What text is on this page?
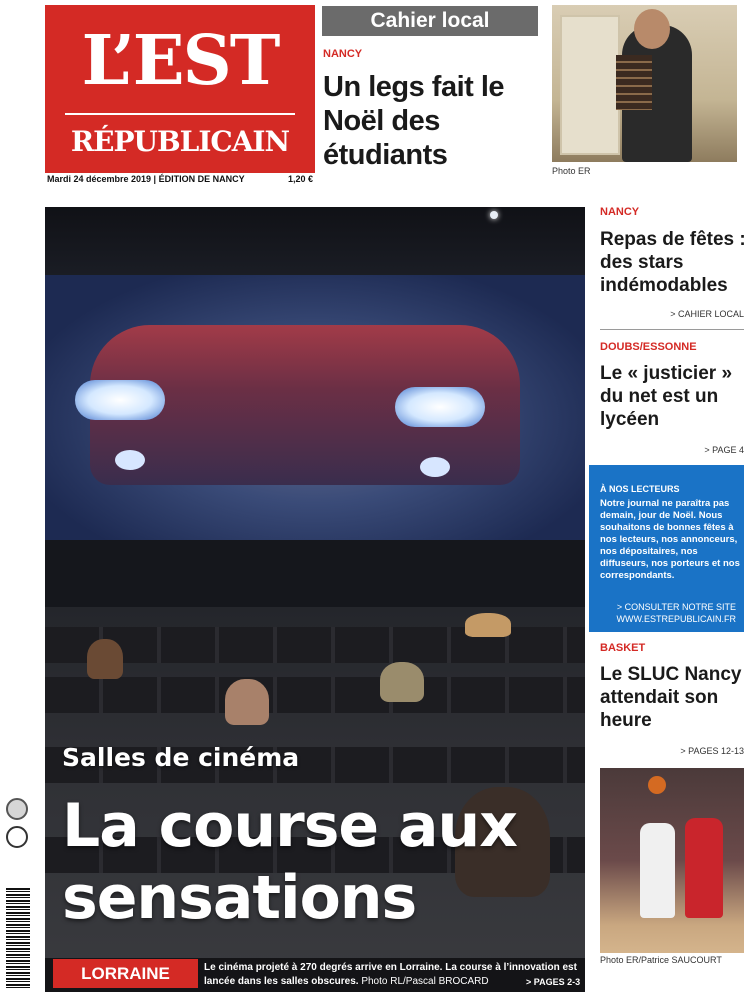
L’EST
RÉPUBLICAIN
Mardi 24 décembre 2019 | ÉDITION DE NANCY	1,20 €
Cahier local
NANCY
Un legs fait le Noël des étudiants	Photo ER
Salles de cinéma
La course aux sensations
LORRAINE	Le cinéma projeté à 270 degrés arrive en Lorraine. La course à l’innovation est lancée dans les salles obscures. Photo RL/Pascal BROCARD	> PAGES 2-3
NANCY
Repas de fêtes : des stars indémodables
> CAHIER LOCAL
DOUBS/ESSONNE
Le « justicier » du net est un lycéen
> PAGE 4
À NOS LECTEURS
Notre journal ne paraîtra pas demain, jour de Noël. Nous souhaitons de bonnes fêtes à nos lecteurs, nos annonceurs, nos dépositaires, nos diffuseurs, nos porteurs et nos correspondants.
> CONSULTER NOTRE SITE
WWW.ESTREPUBLICAIN.FR
BASKET
Le SLUC Nancy attendait son heure
> PAGES 12-13
Photo ER/Patrice SAUCOURT
